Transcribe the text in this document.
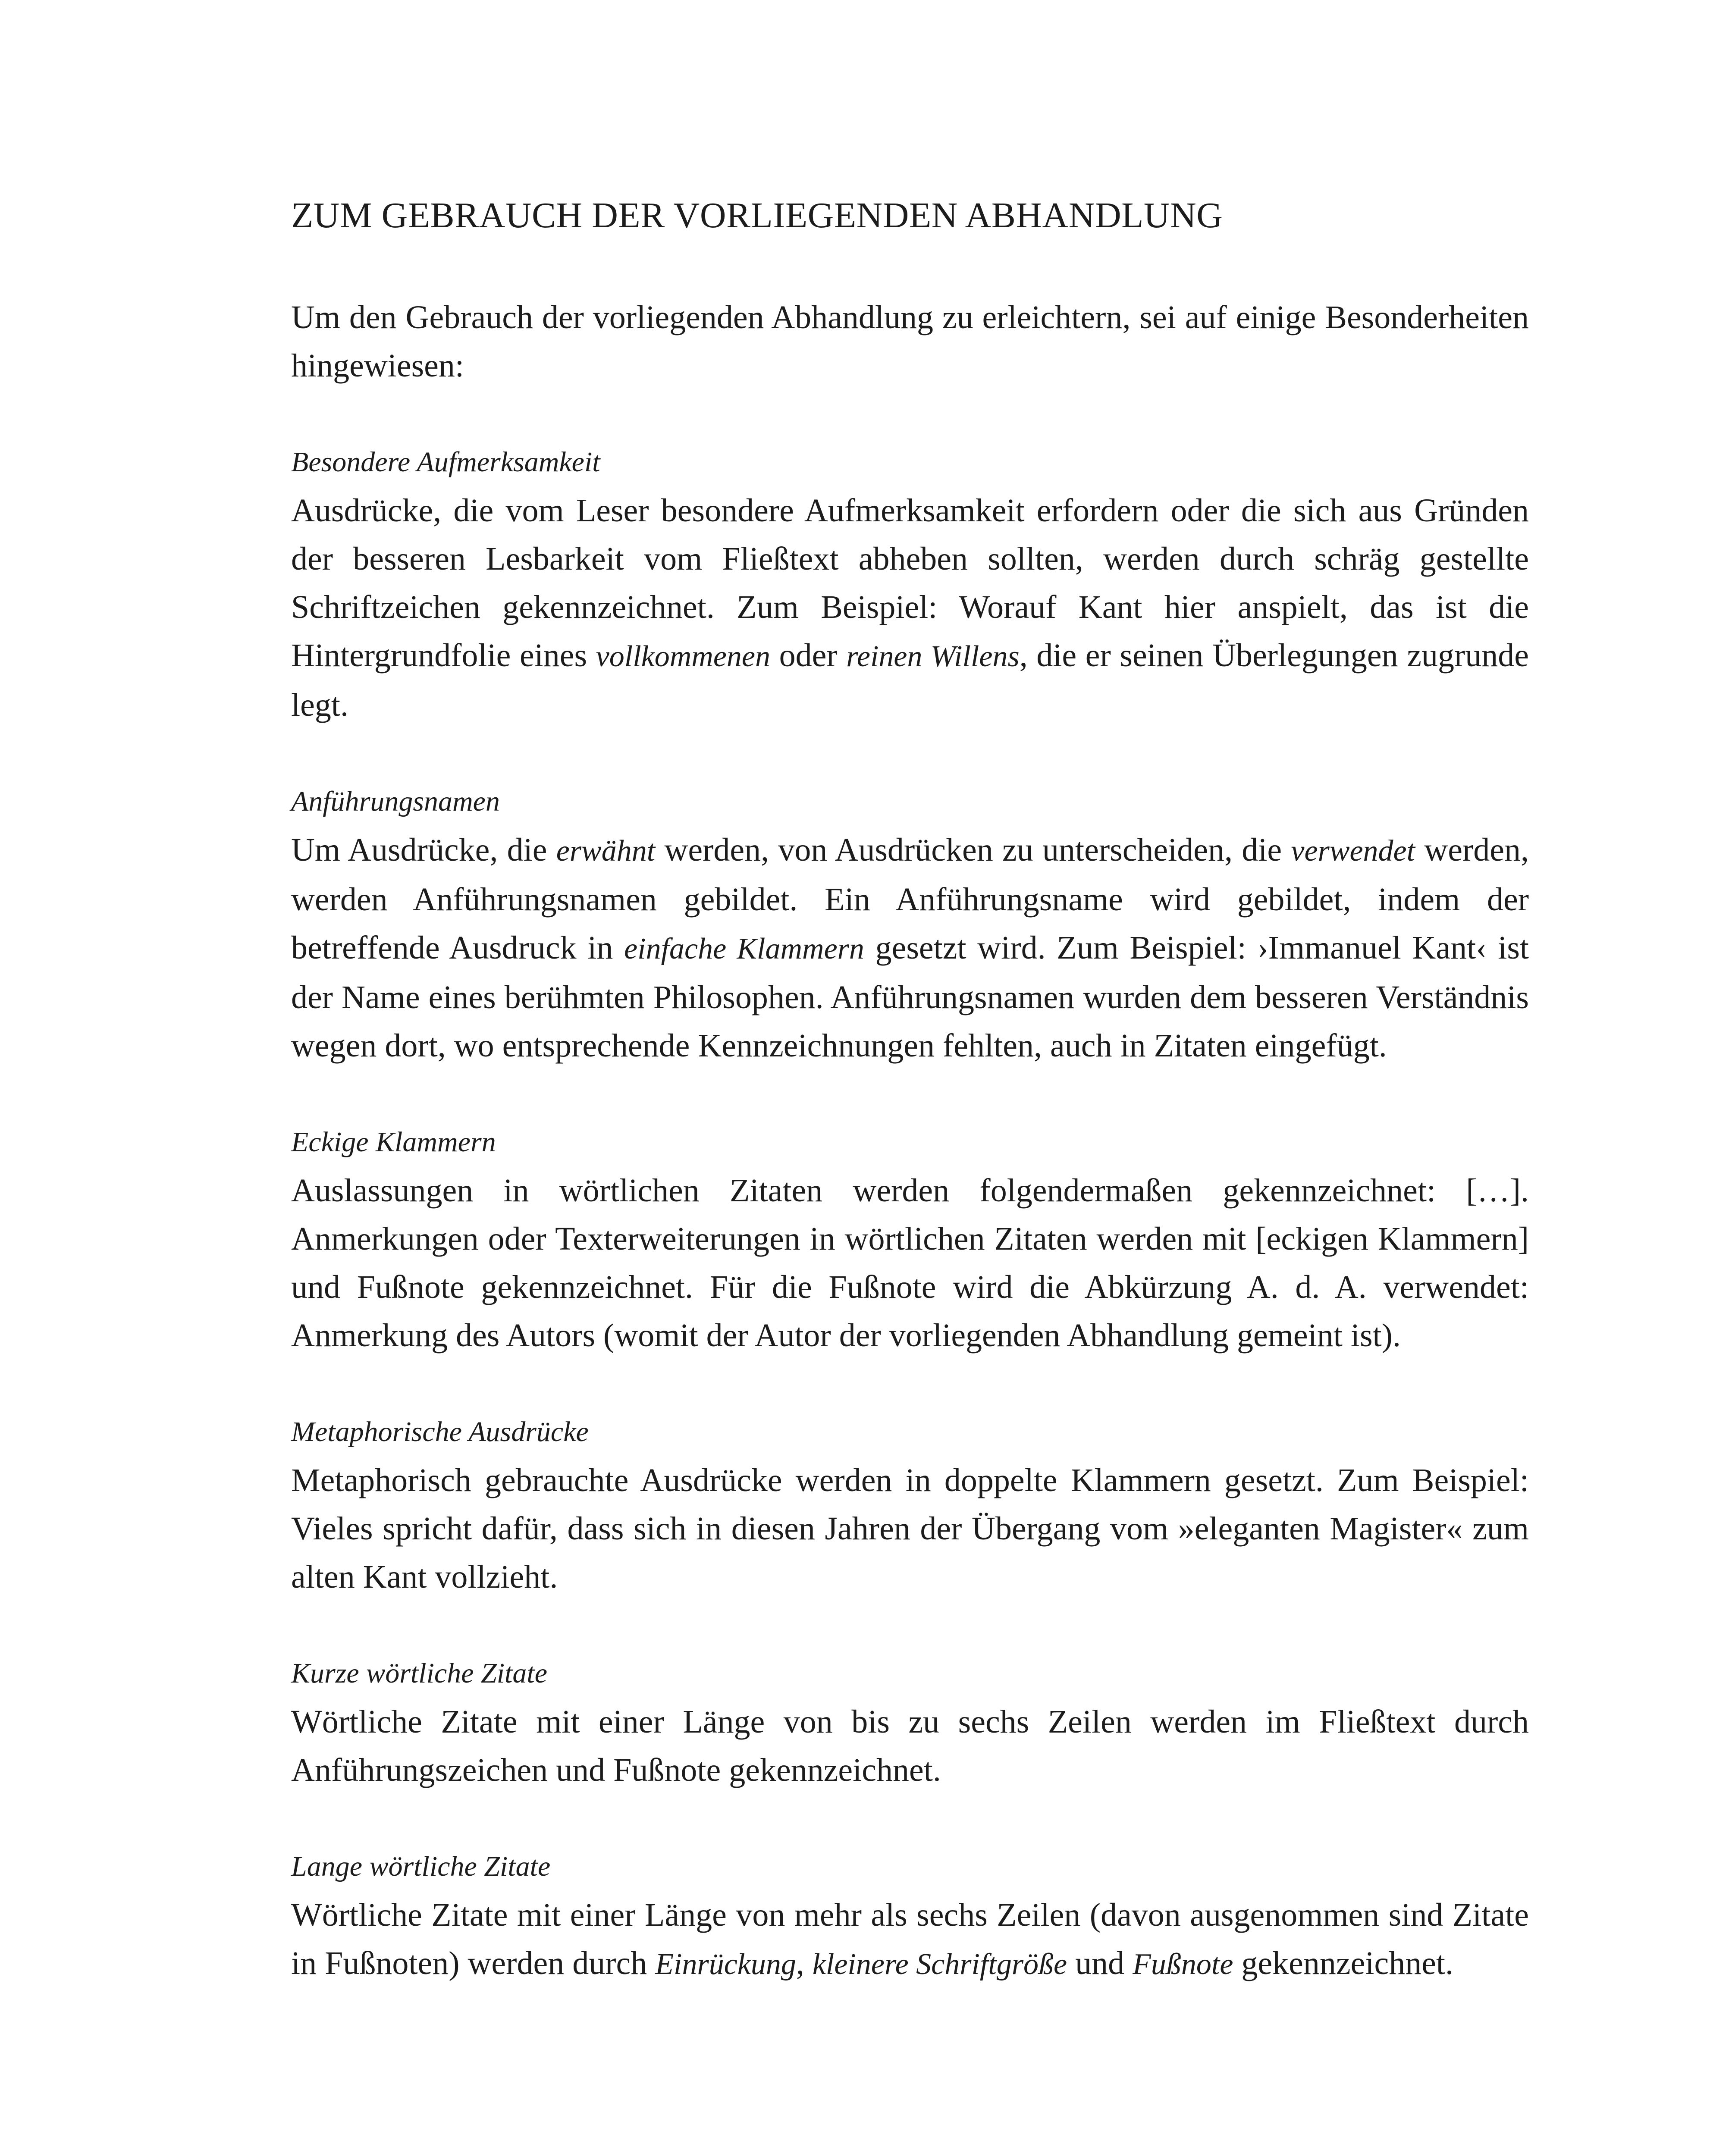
ZUM GEBRAUCH DER VORLIEGENDEN ABHANDLUNG

Um den Gebrauch der vorliegenden Abhandlung zu erleichtern, sei auf einige Besonderheiten hingewiesen:

Besondere Aufmerksamkeit

Ausdrücke, die vom Leser besondere Aufmerksamkeit erfordern oder die sich aus Gründen der besseren Lesbarkeit vom Fließtext abheben sollten, werden durch schräg gestellte Schriftzeichen gekennzeichnet. Zum Beispiel: Worauf Kant hier anspielt, das ist die Hintergrundfolie eines vollkommenen oder reinen Willens, die er seinen Überlegungen zugrunde legt.

Anführungsnamen

Um Ausdrücke, die erwähnt werden, von Ausdrücken zu unterscheiden, die verwendet werden, werden Anführungsnamen gebildet. Ein Anführungsname wird gebildet, indem der betreffende Ausdruck in einfache Klammern gesetzt wird. Zum Beispiel: ›Immanuel Kant‹ ist der Name eines berühmten Philosophen. Anführungsnamen wurden dem besseren Verständnis wegen dort, wo entsprechende Kennzeichnungen fehlten, auch in Zitaten eingefügt.

Eckige Klammern

Auslassungen in wörtlichen Zitaten werden folgendermaßen gekennzeichnet: […]. Anmerkungen oder Texterweiterungen in wörtlichen Zitaten werden mit [eckigen Klammern] und Fußnote gekennzeichnet. Für die Fußnote wird die Abkürzung A. d. A. verwendet: Anmerkung des Autors (womit der Autor der vorliegenden Abhandlung gemeint ist).

Metaphorische Ausdrücke

Metaphorisch gebrauchte Ausdrücke werden in doppelte Klammern gesetzt. Zum Beispiel: Vieles spricht dafür, dass sich in diesen Jahren der Übergang vom »eleganten Magister« zum alten Kant vollzieht.

Kurze wörtliche Zitate

Wörtliche Zitate mit einer Länge von bis zu sechs Zeilen werden im Fließtext durch Anführungszeichen und Fußnote gekennzeichnet.

Lange wörtliche Zitate

Wörtliche Zitate mit einer Länge von mehr als sechs Zeilen (davon ausgenommen sind Zitate in Fußnoten) werden durch Einrückung, kleinere Schriftgröße und Fußnote gekennzeichnet.
